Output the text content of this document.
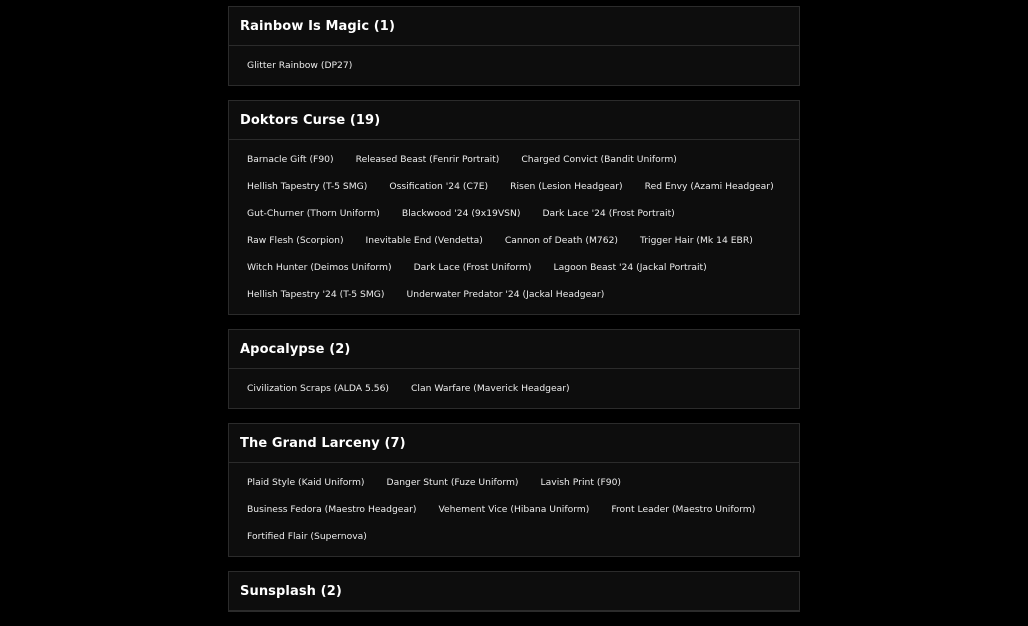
Rainbow Is Magic (1)
Glitter Rainbow (DP27)
Doktors Curse (19)
Barnacle Gift (F90)	Released Beast (Fenrir Portrait)	Charged Convict (Bandit Uniform)
Hellish Tapestry (T-5 SMG)	Ossification '24 (C7E)	Risen (Lesion Headgear)	Red Envy (Azami Headgear)
Gut-Churner (Thorn Uniform)	Blackwood '24 (9x19VSN)	Dark Lace '24 (Frost Portrait)
Raw Flesh (Scorpion)	Inevitable End (Vendetta)	Cannon of Death (M762)	Trigger Hair (Mk 14 EBR)
Witch Hunter (Deimos Uniform)	Dark Lace (Frost Uniform)	Lagoon Beast '24 (Jackal Portrait)
Hellish Tapestry '24 (T-5 SMG)	Underwater Predator '24 (Jackal Headgear)
Apocalypse (2)
Civilization Scraps (ALDA 5.56)	Clan Warfare (Maverick Headgear)
The Grand Larceny (7)
Plaid Style (Kaid Uniform)	Danger Stunt (Fuze Uniform)	Lavish Print (F90)
Business Fedora (Maestro Headgear)	Vehement Vice (Hibana Uniform)	Front Leader (Maestro Uniform)
Fortified Flair (Supernova)
Sunsplash (2)
